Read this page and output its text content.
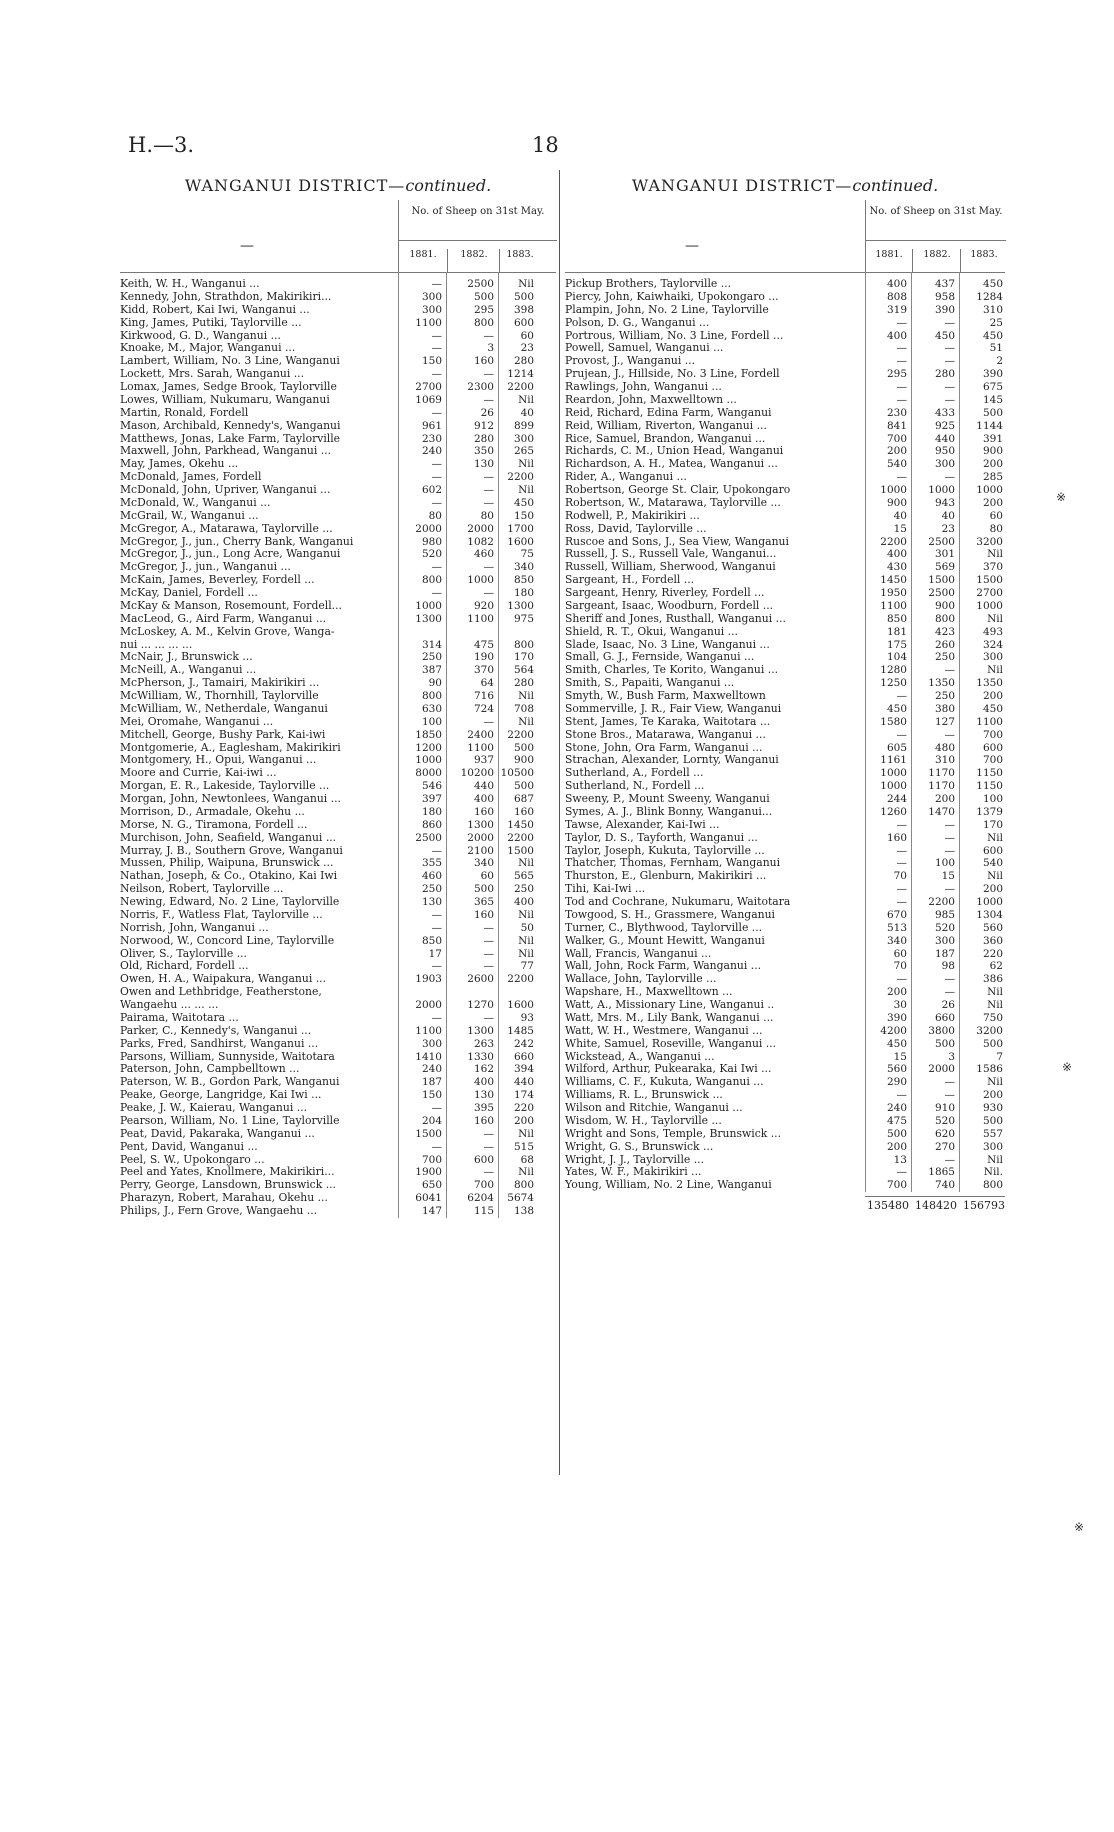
H.—3.	18
WANGANUI DISTRICT—continued.
—
No. of Sheep on 31st May.
1881.	1882.	1883.
Keith, W. H., Wanganui ...	—	2500	Nil
Kennedy, John, Strathdon, Makirikiri...	300	500	500
Kidd, Robert, Kai Iwi, Wanganui ...	300	295	398
King, James, Putiki, Taylorville ...	1100	800	600
Kirkwood, G. D., Wanganui ...	—	—	60
Knoake, M., Major, Wanganui ...	—	3	23
Lambert, William, No. 3 Line, Wanganui	150	160	280
Lockett, Mrs. Sarah, Wanganui ...	—	—	1214
Lomax, James, Sedge Brook, Taylorville	2700	2300	2200
Lowes, William, Nukumaru, Wanganui	1069	—	Nil
Martin, Ronald, Fordell	—	26	40
Mason, Archibald, Kennedy's, Wanganui	961	912	899
Matthews, Jonas, Lake Farm, Taylorville	230	280	300
Maxwell, John, Parkhead, Wanganui ...	240	350	265
May, James, Okehu ...	—	130	Nil
McDonald, James, Fordell	—	—	2200
McDonald, John, Upriver, Wanganui ...	602	—	Nil
McDonald, W., Wanganui ...	—	—	450
McGrail, W., Wanganui ...	80	80	150
McGregor, A., Matarawa, Taylorville ...	2000	2000	1700
McGregor, J., jun., Cherry Bank, Wanganui	980	1082	1600
McGregor, J., jun., Long Acre, Wanganui	520	460	75
McGregor, J., jun., Wanganui ...	—	—	340
McKain, James, Beverley, Fordell ...	800	1000	850
McKay, Daniel, Fordell ...	—	—	180
McKay & Manson, Rosemount, Fordell...	1000	920	1300
MacLeod, G., Aird Farm, Wanganui ...	1300	1100	975
McLoskey, A. M., Kelvin Grove, Wanga-
nui ... ... ... ...	314	475	800
McNair, J., Brunswick ...	250	190	170
McNeill, A., Wanganui ...	387	370	564
McPherson, J., Tamairi, Makirikiri ...	90	64	280
McWilliam, W., Thornhill, Taylorville	800	716	Nil
McWilliam, W., Netherdale, Wanganui	630	724	708
Mei, Oromahe, Wanganui ...	100	—	Nil
Mitchell, George, Bushy Park, Kai-iwi	1850	2400	2200
Montgomerie, A., Eaglesham, Makirikiri	1200	1100	500
Montgomery, H., Opui, Wanganui ...	1000	937	900
Moore and Currie, Kai-iwi ...	8000	10200 10500
Morgan, E. R., Lakeside, Taylorville ...	546	440	500
Morgan, John, Newtonlees, Wanganui ...	397	400	687
Morrison, D., Armadale, Okehu ...	180	160	160
Morse, N. G., Tiramona, Fordell ...	860	1300	1450
Murchison, John, Seafield, Wanganui ...	2500	2000	2200
Murray, J. B., Southern Grove, Wanganui	—	2100	1500
Mussen, Philip, Waipuna, Brunswick ...	355	340	Nil
Nathan, Joseph, & Co., Otakino, Kai Iwi	460	60	565
Neilson, Robert, Taylorville ...	250	500	250
Newing, Edward, No. 2 Line, Taylorville	130	365	400
Norris, F., Watless Flat, Taylorville ...	—	160	Nil
Norrish, John, Wanganui ...	—	—	50
Norwood, W., Concord Line, Taylorville	850	—	Nil
Oliver, S., Taylorville ...	17	—	Nil
Old, Richard, Fordell ...	—	—	77
Owen, H. A., Waipakura, Wanganui ...	1903	2600	2200
Owen and Lethbridge, Featherstone,
Wangaehu ... ... ...	2000	1270	1600
Pairama, Waitotara ...	—	—	93
Parker, C., Kennedy's, Wanganui ...	1100	1300	1485
Parks, Fred, Sandhirst, Wanganui ...	300	263	242
Parsons, William, Sunnyside, Waitotara	1410	1330	660
Paterson, John, Campbelltown ...	240	162	394
Paterson, W. B., Gordon Park, Wanganui	187	400	440
Peake, George, Langridge, Kai Iwi ...	150	130	174
Peake, J. W., Kaierau, Wanganui ...	—	395	220
Pearson, William, No. 1 Line, Taylorville	204	160	200
Peat, David, Pakaraka, Wanganui ...	1500	—	Nil
Pent, David, Wanganui ...	—	—	515
Peel, S. W., Upokongaro ...	700	600	68
Peel and Yates, Knollmere, Makirikiri...	1900	—	Nil
Perry, George, Lansdown, Brunswick ...	650	700	800
Pharazyn, Robert, Marahau, Okehu ...	6041	6204	5674
Philips, J., Fern Grove, Wangaehu ...	147	115	138
WANGANUI DISTRICT—continued.
—
No. of Sheep on 31st May.
1881.	1882.	1883.
Pickup Brothers, Taylorville ...	400	437	450
Piercy, John, Kaiwhaiki, Upokongaro ...	808	958	1284
Plampin, John, No. 2 Line, Taylorville	319	390	310
Polson, D. G., Wanganui ...	—	—	25
Portrous, William, No. 3 Line, Fordell ...	400	450	450
Powell, Samuel, Wanganui ...	—	—	51
Provost, J., Wanganui ...	—	—	2
Prujean, J., Hillside, No. 3 Line, Fordell	295	280	390
Rawlings, John, Wanganui ...	—	—	675
Reardon, John, Maxwelltown ...	—	—	145
Reid, Richard, Edina Farm, Wanganui	230	433	500
Reid, William, Riverton, Wanganui ...	841	925	1144
Rice, Samuel, Brandon, Wanganui ...	700	440	391
Richards, C. M., Union Head, Wanganui	200	950	900
Richardson, A. H., Matea, Wanganui ...	540	300	200
Rider, A., Wanganui ...	—	—	285
Robertson, George St. Clair, Upokongaro	1000	1000	1000
Robertson, W., Matarawa, Taylorville ...	900	943	200
Rodwell, P., Makirikiri ...	40	40	60
Ross, David, Taylorville ...	15	23	80
Ruscoe and Sons, J., Sea View, Wanganui	2200	2500	3200
Russell, J. S., Russell Vale, Wanganui...	400	301	Nil
Russell, William, Sherwood, Wanganui	430	569	370
Sargeant, H., Fordell ...	1450	1500	1500
Sargeant, Henry, Riverley, Fordell ...	1950	2500	2700
Sargeant, Isaac, Woodburn, Fordell ...	1100	900	1000
Sheriff and Jones, Rusthall, Wanganui ...	850	800	Nil
Shield, R. T., Okui, Wanganui ...	181	423	493
Slade, Isaac, No. 3 Line, Wanganui ...	175	260	324
Small, G. J., Fernside, Wanganui ...	104	250	300
Smith, Charles, Te Korito, Wanganui ...	1280	—	Nil
Smith, S., Papaiti, Wanganui ...	1250	1350	1350
Smyth, W., Bush Farm, Maxwelltown	—	250	200
Sommerville, J. R., Fair View, Wanganui	450	380	450
Stent, James, Te Karaka, Waitotara ...	1580	127	1100
Stone Bros., Matarawa, Wanganui ...	—	—	700
Stone, John, Ora Farm, Wanganui ...	605	480	600
Strachan, Alexander, Lornty, Wanganui	1161	310	700
Sutherland, A., Fordell ...	1000	1170	1150
Sutherland, N., Fordell ...	1000	1170	1150
Sweeny, P., Mount Sweeny, Wanganui	244	200	100
Symes, A. J., Blink Bonny, Wanganui...	1260	1470	1379
Tawse, Alexander, Kai-Iwi ...	—	—	170
Taylor, D. S., Tayforth, Wanganui ...	160	—	Nil
Taylor, Joseph, Kukuta, Taylorville ...	—	—	600
Thatcher, Thomas, Fernham, Wanganui	—	100	540
Thurston, E., Glenburn, Makirikiri ...	70	15	Nil
Tihi, Kai-Iwi ...	—	—	200
Tod and Cochrane, Nukumaru, Waitotara	—	2200	1000
Towgood, S. H., Grassmere, Wanganui	670	985	1304
Turner, C., Blythwood, Taylorville ...	513	520	560
Walker, G., Mount Hewitt, Wanganui	340	300	360
Wall, Francis, Wanganui ...	60	187	220
Wall, John, Rock Farm, Wanganui ...	70	98	62
Wallace, John, Taylorville ...	—	—	386
Wapshare, H., Maxwelltown ...	200	—	Nil
Watt, A., Missionary Line, Wanganui ..	30	26	Nil
Watt, Mrs. M., Lily Bank, Wanganui ...	390	660	750
Watt, W. H., Westmere, Wanganui ...	4200	3800	3200
White, Samuel, Roseville, Wanganui ...	450	500	500
Wickstead, A., Wanganui ...	15	3	7
Wilford, Arthur, Pukearaka, Kai Iwi ...	560	2000	1586
Williams, C. F., Kukuta, Wanganui ...	290	—	Nil
Williams, R. L., Brunswick ...	—	—	200
Wilson and Ritchie, Wanganui ...	240	910	930
Wisdom, W. H., Taylorville ...	475	520	500
Wright and Sons, Temple, Brunswick ...	500	620	557
Wright, G. S., Brunswick ...	200	270	300
Wright, J. J., Taylorville ...	13	—	Nil
Yates, W. F., Makirikiri ...	—	1865	Nil.
Young, William, No. 2 Line, Wanganui	700	740	800
135480 148420 156793
※
※
※
